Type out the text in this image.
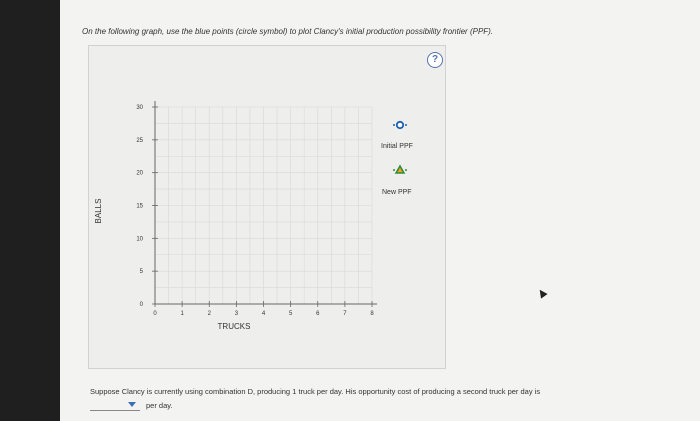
On the following graph, use the blue points (circle symbol) to plot Clancy's initial production possibility frontier (PPF).
?
0	1	2	3	4	5	6	7	8
0
5
10
15
20
25
30
TRUCKS
BALLS
Initial PPF
New PPF
Suppose Clancy is currently using combination D, producing 1 truck per day. His opportunity cost of producing a second truck per day is
per day.
